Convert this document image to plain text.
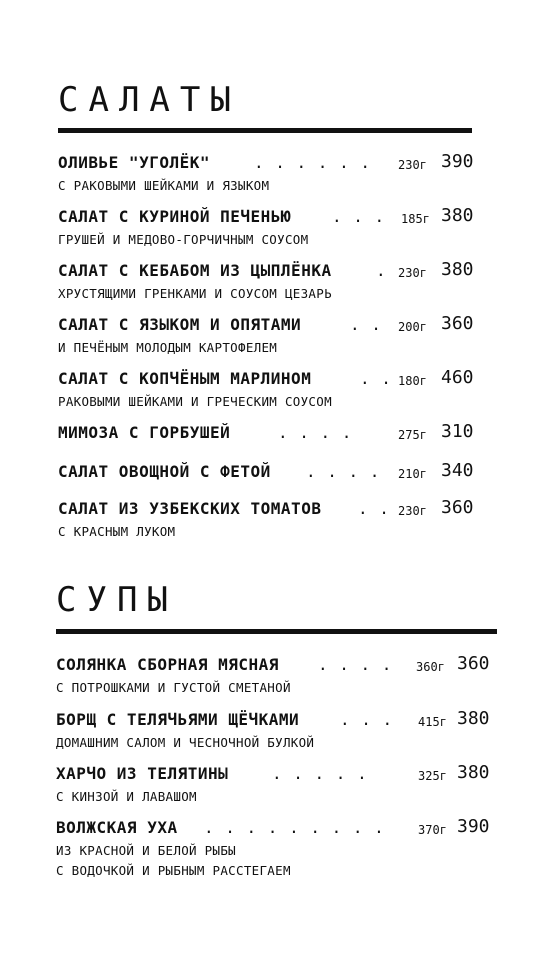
САЛАТЫ
ОЛИВЬЕ "УГОЛЁК"	. . . . . . 230г 390
С РАКОВЫМИ ШЕЙКАМИ И ЯЗЫКОМ
САЛАТ С КУРИНОЙ ПЕЧЕНЬЮ	. . . 185г 380
ГРУШЕЙ И МЕДОВО-ГОРЧИЧНЫМ СОУСОМ
САЛАТ С КЕБАБОМ ИЗ ЦЫПЛЁНКА	. 230г 380
ХРУСТЯЩИМИ ГРЕНКАМИ И СОУСОМ ЦЕЗАРЬ
САЛАТ С ЯЗЫКОМ И ОПЯТАМИ	. . 200г 360
И ПЕЧЁНЫМ МОЛОДЫМ КАРТОФЕЛЕМ
САЛАТ С КОПЧЁНЫМ МАРЛИНОМ	. . 180г 460
РАКОВЫМИ ШЕЙКАМИ И ГРЕЧЕСКИМ СОУСОМ
МИМОЗА С ГОРБУШЕЙ	. . . .	275г 310
САЛАТ ОВОЩНОЙ С ФЕТОЙ . . . . 210г 340
САЛАТ ИЗ УЗБЕКСКИХ ТОМАТОВ . . 230г 360
С КРАСНЫМ ЛУКОМ
СУПЫ
СОЛЯНКА СБОРНАЯ МЯСНАЯ . . . . 360г 360
С ПОТРОШКАМИ И ГУСТОЙ СМЕТАНОЙ
БОРЩ С ТЕЛЯЧЬЯМИ ЩЁЧКАМИ	. . . 415г 380
ДОМАШНИМ САЛОМ И ЧЕСНОЧНОЙ БУЛКОЙ
ХАРЧО ИЗ ТЕЛЯТИНЫ	. . . . .	325г 380
С КИНЗОЙ И ЛАВАШОМ
ВОЛЖСКАЯ УХА . . . . . . . . .	370г 390
ИЗ КРАСНОЙ И БЕЛОЙ РЫБЫ
С ВОДОЧКОЙ И РЫБНЫМ РАССТЕГАЕМ
